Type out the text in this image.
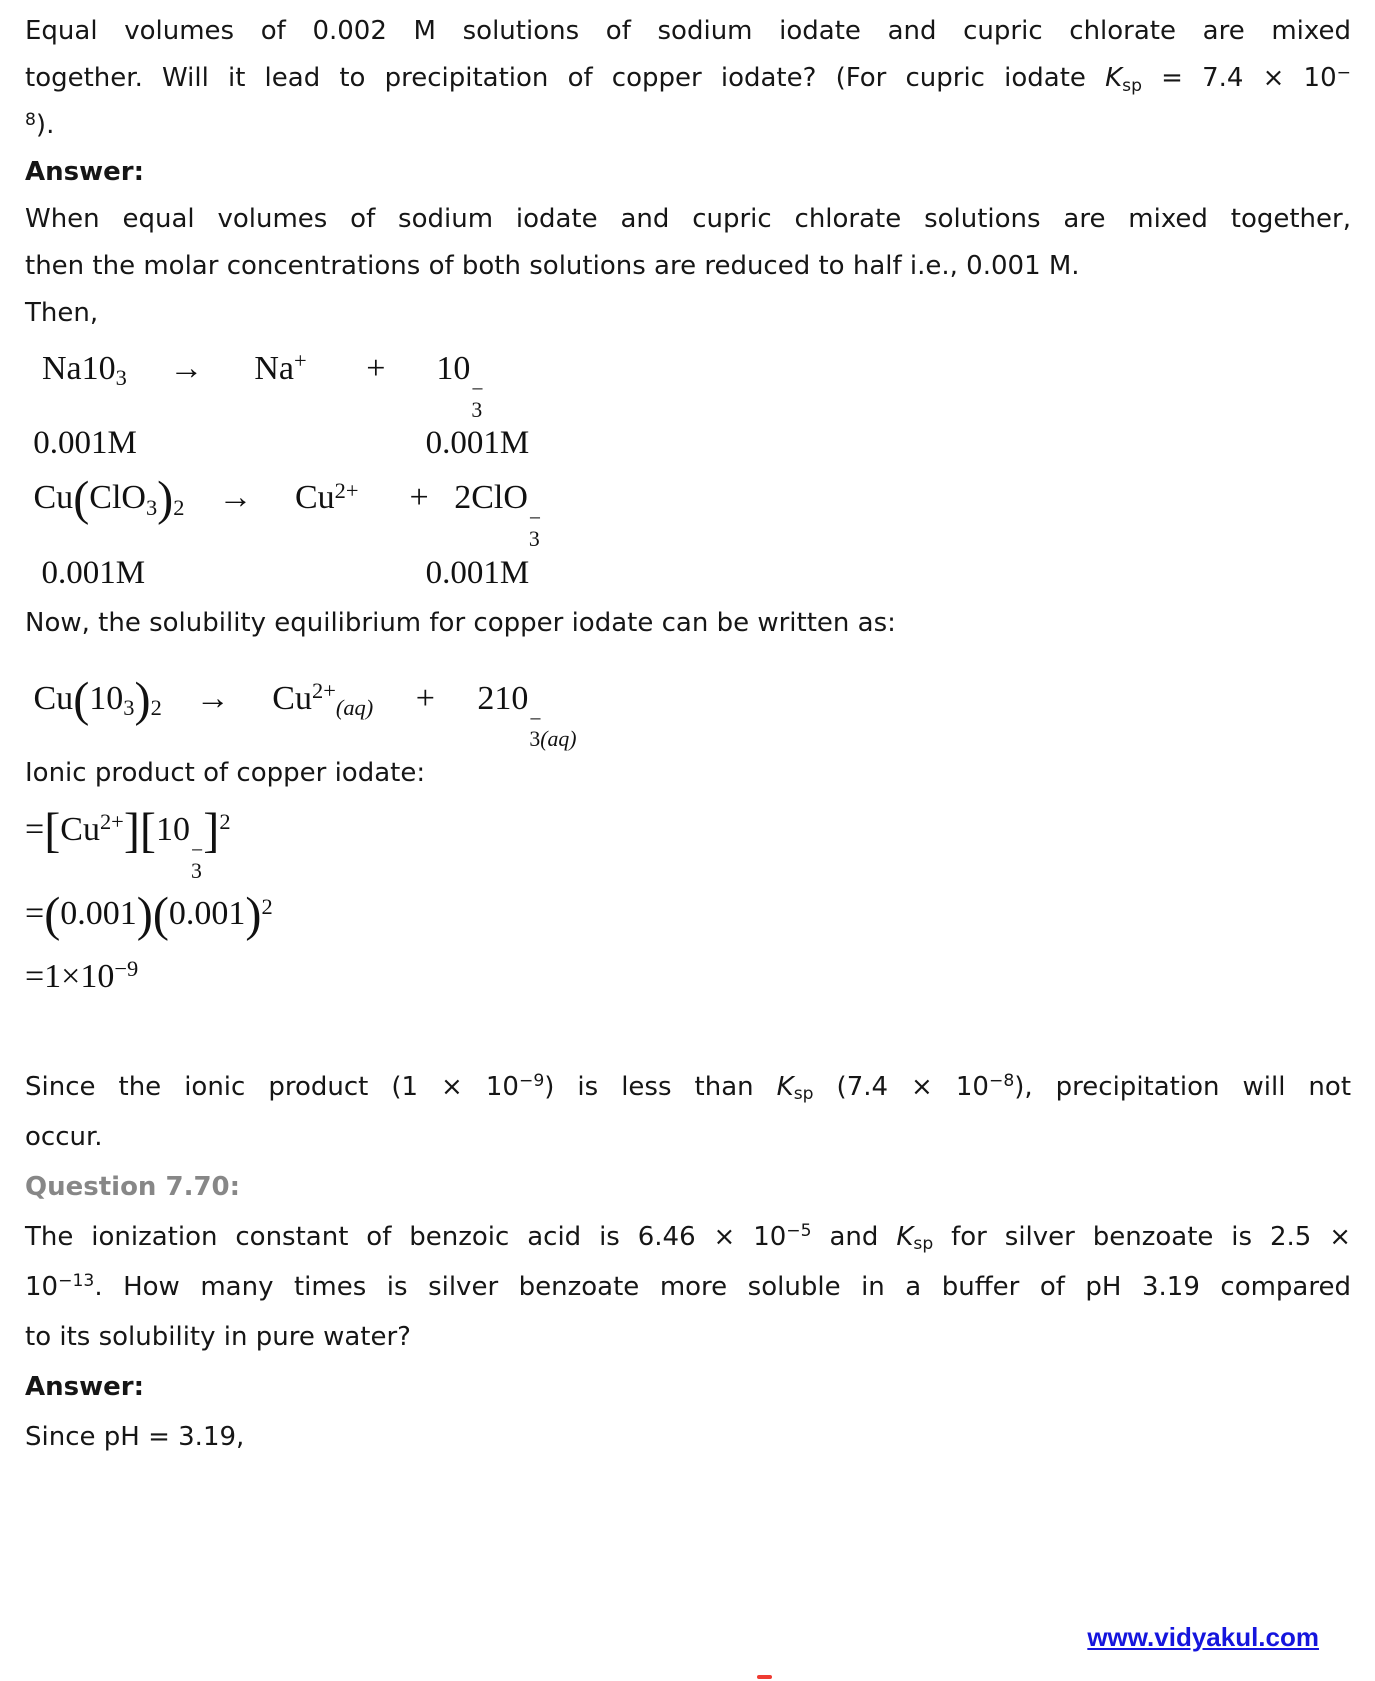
Equal volumes of 0.002 M solutions of sodium iodate and cupric chlorate are mixed
together. Will it lead to precipitation of copper iodate? (For cupric iodate Ksp = 7.4 × 10−
$^8$).
Answer:
When equal volumes of sodium iodate and cupric chlorate solutions are mixed together,
then the molar concentrations of both solutions are reduced to half i.e., 0.001 M.
Then,
Na103     →      Na+       +      10
−
3
0.001M                                   0.001M
Cu(ClO3)2    →     $Cu^{2+}$      +   2ClO
−
3
0.001M                                  0.001M
Now, the solubility equilibrium for copper iodate can be written as:
Cu(103)2    →     $Cu^{2+}(aq)$     +     210
−
3(aq)
Ionic product of copper iodate:
$=[Cu^{2+}][10$
−
3
]$^2$
$=(0.001)(0.001)^2$
$=1\times 10^{-9}$
Since the ionic product $(1 \times 10^{-9})$ is less than Ksp $(7.4 \times 10^{-8})$, precipitation will not
occur.
Question 7.70:
The ionization constant of benzoic acid is $6.46 \times 10^{-5}$ and Ksp for silver benzoate is 2.5 ×
$10^{-13}$. How many times is silver benzoate more soluble in a buffer of pH 3.19 compared
to its solubility in pure water?
Answer:
Since pH = 3.19,
www.vidyakul.com
